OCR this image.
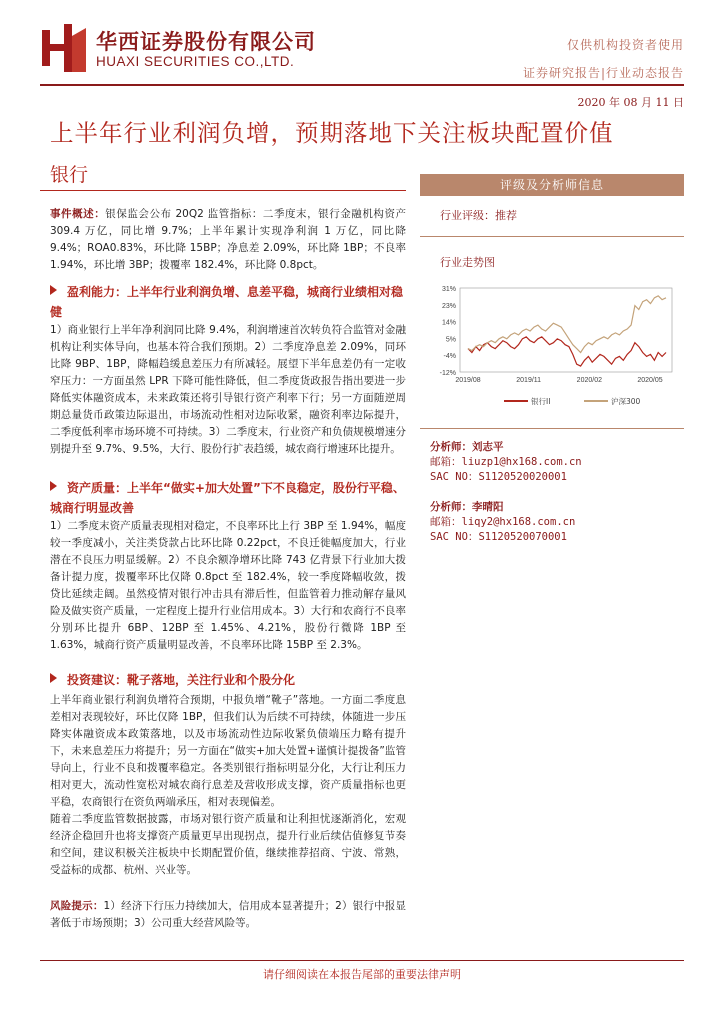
华西证券股份有限公司
HUAXI SECURITIES CO.,LTD.
仅供机构投资者使用
证券研究报告|行业动态报告
2020 年 08 月 11 日
上半年行业利润负增，预期落地下关注板块配置价值
银行	评级及分析师信息
行业评级：推荐
行业走势图
31%
23%
14%
5%
-4%
-12%
2019/08	2019/11	2020/02	2020/05
银行II	沪深300
分析师：刘志平
邮箱：liuzp1@hx168.com.cn
SAC NO：S1120520020001
分析师：李晴阳
邮箱：liqy2@hx168.com.cn
SAC NO：S1120520070001

事件概述：银保监会公布 20Q2 监管指标：二季度末，银行金融机构资产 309.4 万亿，同比增 9.7%；上半年累计实现净利润 1 万亿，同比降 9.4%；ROA0.83%，环比降 15BP；净息差 2.09%，环比降 1BP；不良率 1.94%，环比增 3BP；拨覆率 182.4%，环比降 0.8pct。

盈利能力：上半年行业利润负增、息差平稳，城商行业绩相对稳健

1）商业银行上半年净利润同比降 9.4%，利润增速首次转负符合监管对金融机构让利实体导向，也基本符合我们预期。2）二季度净息差 2.09%，同环比降 9BP、1BP，降幅趋缓息差压力有所减轻。展望下半年息差仍有一定收窄压力：一方面虽然 LPR 下降可能性降低，但二季度货政报告指出要进一步降低实体融资成本，未来政策还将引导银行资产利率下行；另一方面随逆周期总量货币政策边际退出，市场流动性相对边际收紧，融资利率边际提升，二季度低利率市场环境不可持续。3）二季度末，行业资产和负债规模增速分别提升至 9.7%、9.5%，大行、股份行扩表趋缓，城农商行增速环比提升。

资产质量：上半年“做实+加大处置”下不良稳定，股份行平稳、城商行明显改善

1）二季度末资产质量表现相对稳定，不良率环比上行 3BP 至 1.94%，幅度较一季度减小，关注类贷款占比环比降 0.22pct，不良迁徙幅度加大，行业潜在不良压力明显缓解。2）不良余额净增环比降 743 亿背景下行业加大拨备计提力度，拨覆率环比仅降 0.8pct 至 182.4%，较一季度降幅收敛，拨贷比延续走阔。虽然疫情对银行冲击具有滞后性，但监管着力推动解存量风险及做实资产质量，一定程度上提升行业信用成本。3）大行和农商行不良率分别环比提升 6BP、12BP 至 1.45%、4.21%，股份行微降 1BP 至 1.63%，城商行资产质量明显改善，不良率环比降 15BP 至 2.3%。

投资建议：靴子落地，关注行业和个股分化

上半年商业银行利润负增符合预期，中报负增“靴子”落地。一方面二季度息差相对表现较好，环比仅降 1BP，但我们认为后续不可持续，体随进一步压降实体融资成本政策落地，以及市场流动性边际收紧负债端压力略有提升下，未来息差压力将提升；另一方面在“做实+加大处置+谨慎计提拨备”监管导向上，行业不良和拨覆率稳定。各类别银行指标明显分化，大行让利压力相对更大，流动性宽松对城农商行息差及营收形成支撑，资产质量指标也更平稳，农商银行在资负两端承压，相对表现偏差。

随着二季度监管数据披露，市场对银行资产质量和让利担忧逐渐消化，宏观经济企稳回升也将支撑资产质量更早出现拐点，提升行业后续估值修复节奏和空间，建议积极关注板块中长期配置价值，继续推荐招商、宁波、常熟，受益标的成都、杭州、兴业等。

风险提示：1）经济下行压力持续加大，信用成本显著提升；2）银行中报显著低于市场预期；3）公司重大经营风险等。

请仔细阅读在本报告尾部的重要法律声明
